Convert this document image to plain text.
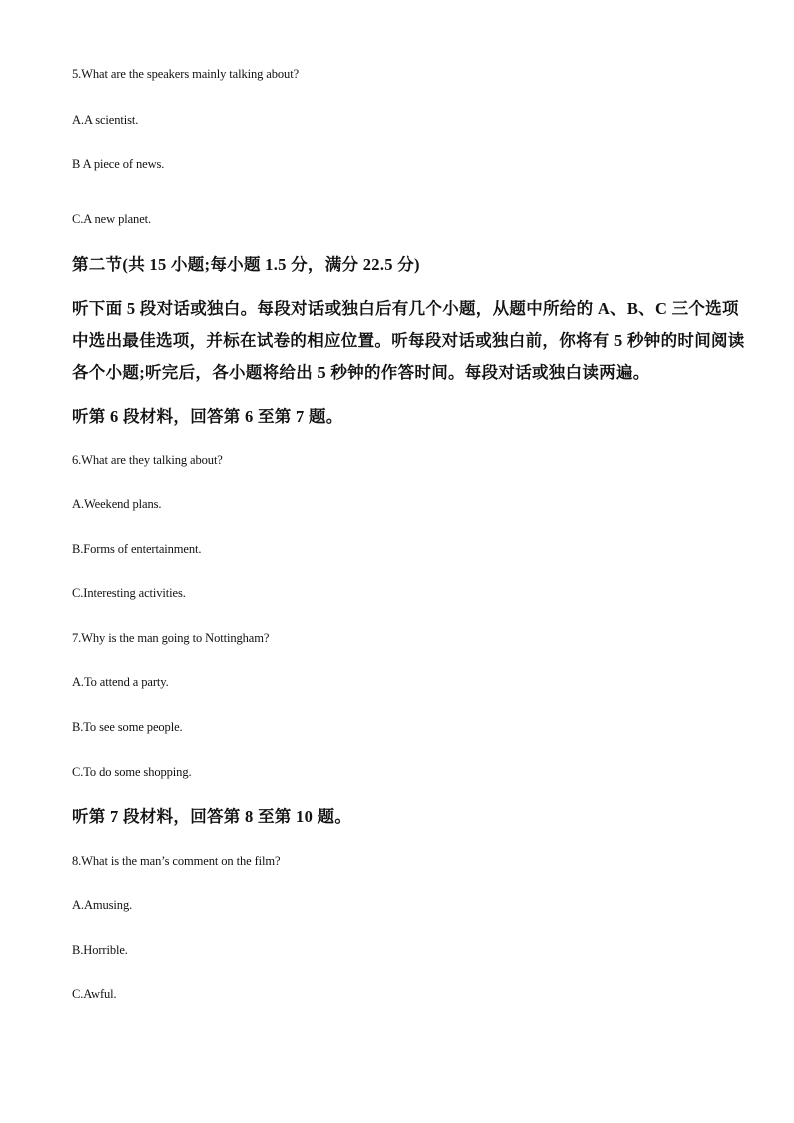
5.What are the speakers mainly talking about?
A.A scientist.
B A piece of news.
C.A new planet.
第二节(共 15 小题;每小题 1.5 分，满分 22.5 分)
听下面 5 段对话或独白。每段对话或独白后有几个小题，从题中所给的 A、B、C 三个选项
中选出最佳选项，并标在试卷的相应位置。听每段对话或独白前，你将有 5 秒钟的时间阅读
各个小题;听完后，各小题将给出 5 秒钟的作答时间。每段对话或独白读两遍。
听第 6 段材料，回答第 6 至第 7 题。
6.What are they talking about?
A.Weekend plans.
B.Forms of entertainment.
C.Interesting activities.
7.Why is the man going to Nottingham?
A.To attend a party.
B.To see some people.
C.To do some shopping.
听第 7 段材料，回答第 8 至第 10 题。
8.What is the man’s comment on the film?
A.Amusing.
B.Horrible.
C.Awful.
